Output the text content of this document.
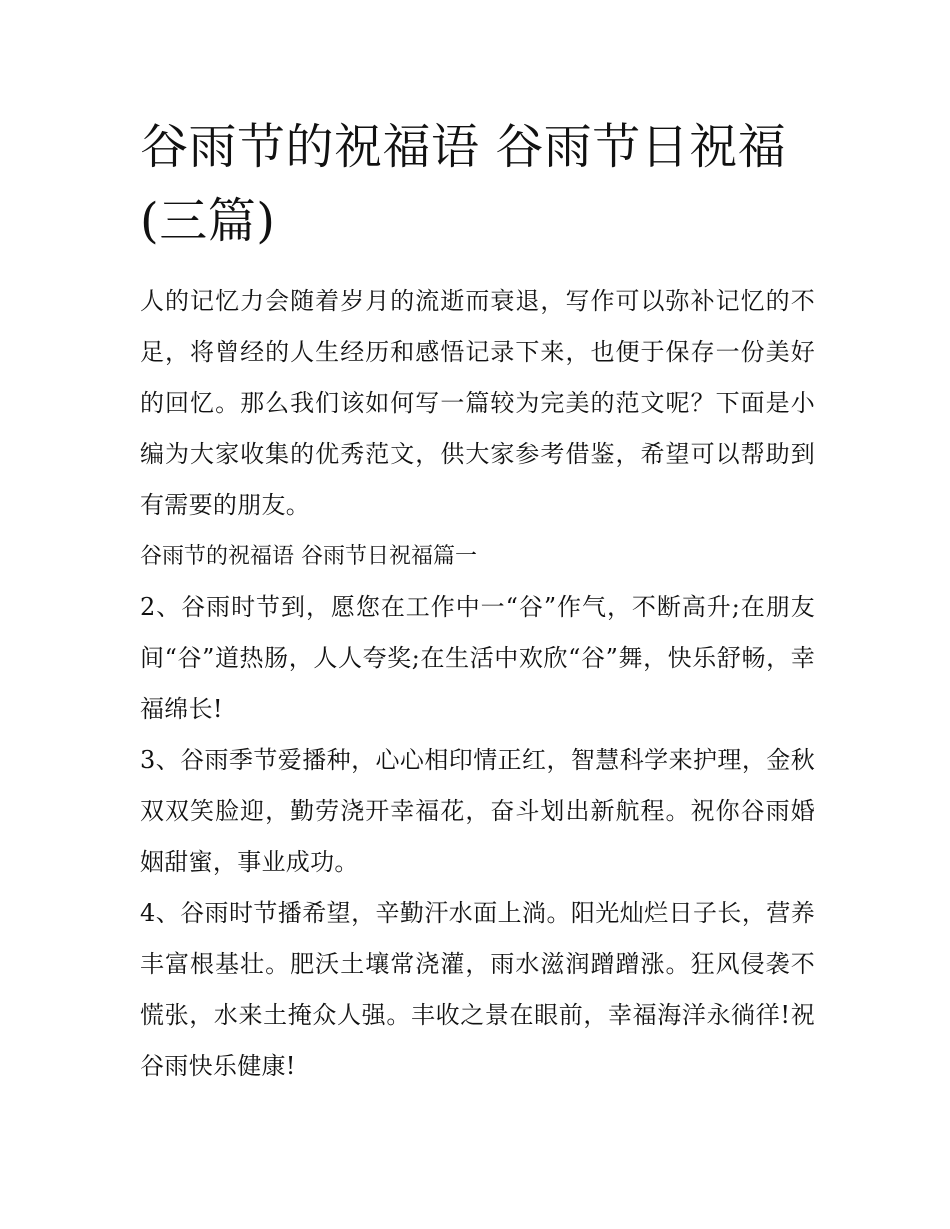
谷雨节的祝福语 谷雨节日祝福(三篇)

人的记忆力会随着岁月的流逝而衰退，写作可以弥补记忆的不足，将曾经的人生经历和感悟记录下来，也便于保存一份美好的回忆。那么我们该如何写一篇较为完美的范文呢？下面是小编为大家收集的优秀范文，供大家参考借鉴，希望可以帮助到有需要的朋友。

谷雨节的祝福语 谷雨节日祝福篇一

2、谷雨时节到，愿您在工作中一“谷”作气，不断高升;在朋友间“谷”道热肠，人人夸奖;在生活中欢欣“谷”舞，快乐舒畅，幸福绵长!

3、谷雨季节爱播种，心心相印情正红，智慧科学来护理，金秋双双笑脸迎，勤劳浇开幸福花，奋斗划出新航程。祝你谷雨婚姻甜蜜，事业成功。

4、谷雨时节播希望，辛勤汗水面上淌。阳光灿烂日子长，营养丰富根基壮。肥沃土壤常浇灌，雨水滋润蹭蹭涨。狂风侵袭不慌张，水来土掩众人强。丰收之景在眼前，幸福海洋永徜徉!祝谷雨快乐健康!
